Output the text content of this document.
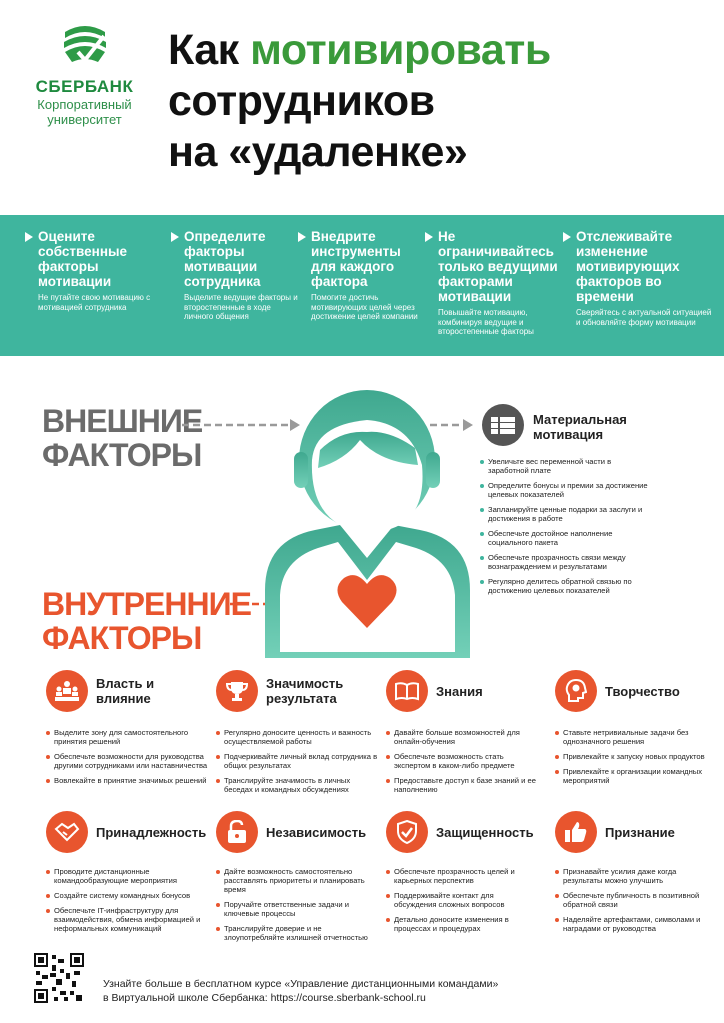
СБЕРБАНК
Корпоративный
университет
Как мотивировать
сотрудников
на «удаленке»
Оцените собственные факторы мотивации
Не путайте свою мотивацию с мотивацией сотрудника
Определите факторы мотивации сотрудника
Выделите ведущие факторы и второстепенные в ходе личного общения
Внедрите инструменты для каждого фактора
Помогите достичь мотивирующих целей через достижение целей компании
Не ограничивайтесь только ведущими факторами мотивации
Повышайте мотивацию, комбинируя ведущие и второстепенные факторы
Отслеживайте изменение мотивирующих факторов во времени
Сверяйтесь с актуальной ситуацией и обновляйте форму мотивации
ВНЕШНИЕ
ФАКТОРЫ
ВНУТРЕННИЕ
ФАКТОРЫ
Материальная
мотивация
Увеличьте вес переменной части в заработной плате
Определите бонусы и премии за достижение целевых показателей
Запланируйте ценные подарки за заслуги и достижения в работе
Обеспечьте достойное наполнение социального пакета
Обеспечьте прозрачность связи между вознаграждением и результатами
Регулярно делитесь обратной связью по достижению целевых показателей
Власть и влияние
Выделите зону для самостоятельного принятия решений
Обеспечьте возможности для руководства другими сотрудниками или наставничества
Вовлекайте в принятие значимых решений
Значимость результата
Регулярно доносите ценность и важность осуществляемой работы
Подчеркивайте личный вклад сотрудника в общих результатах
Транслируйте значимость в личных беседах и командных обсуждениях
Знания
Давайте больше возможностей для онлайн-обучения
Обеспечьте возможность стать экспертом в каком-либо предмете
Предоставьте доступ к базе знаний и ее наполнению
Творчество
Ставьте нетривиальные задачи без однозначного решения
Привлекайте к запуску новых продуктов
Привлекайте к организации командных мероприятий
Принадлежность
Проводите дистанционные командообразующие мероприятия
Создайте систему командных бонусов
Обеспечьте IT-инфраструктуру для взаимодействия, обмена информацией и неформальных коммуникаций
Независимость
Дайте возможность самостоятельно расставлять приоритеты и планировать время
Поручайте ответственные задачи и ключевые процессы
Транслируйте доверие и не злоупотребляйте излишней отчетностью
Защищенность
Обеспечьте прозрачность целей и карьерных перспектив
Поддерживайте контакт для обсуждения сложных вопросов
Детально доносите изменения в процессах и процедурах
Признание
Признавайте усилия даже когда результаты можно улучшить
Обеспечьте публичность в позитивной обратной связи
Наделяйте артефактами, символами и наградами от руководства
Узнайте больше в бесплатном курсе «Управление дистанционными командами»
в Виртуальной школе Сбербанка: https://course.sberbank-school.ru
